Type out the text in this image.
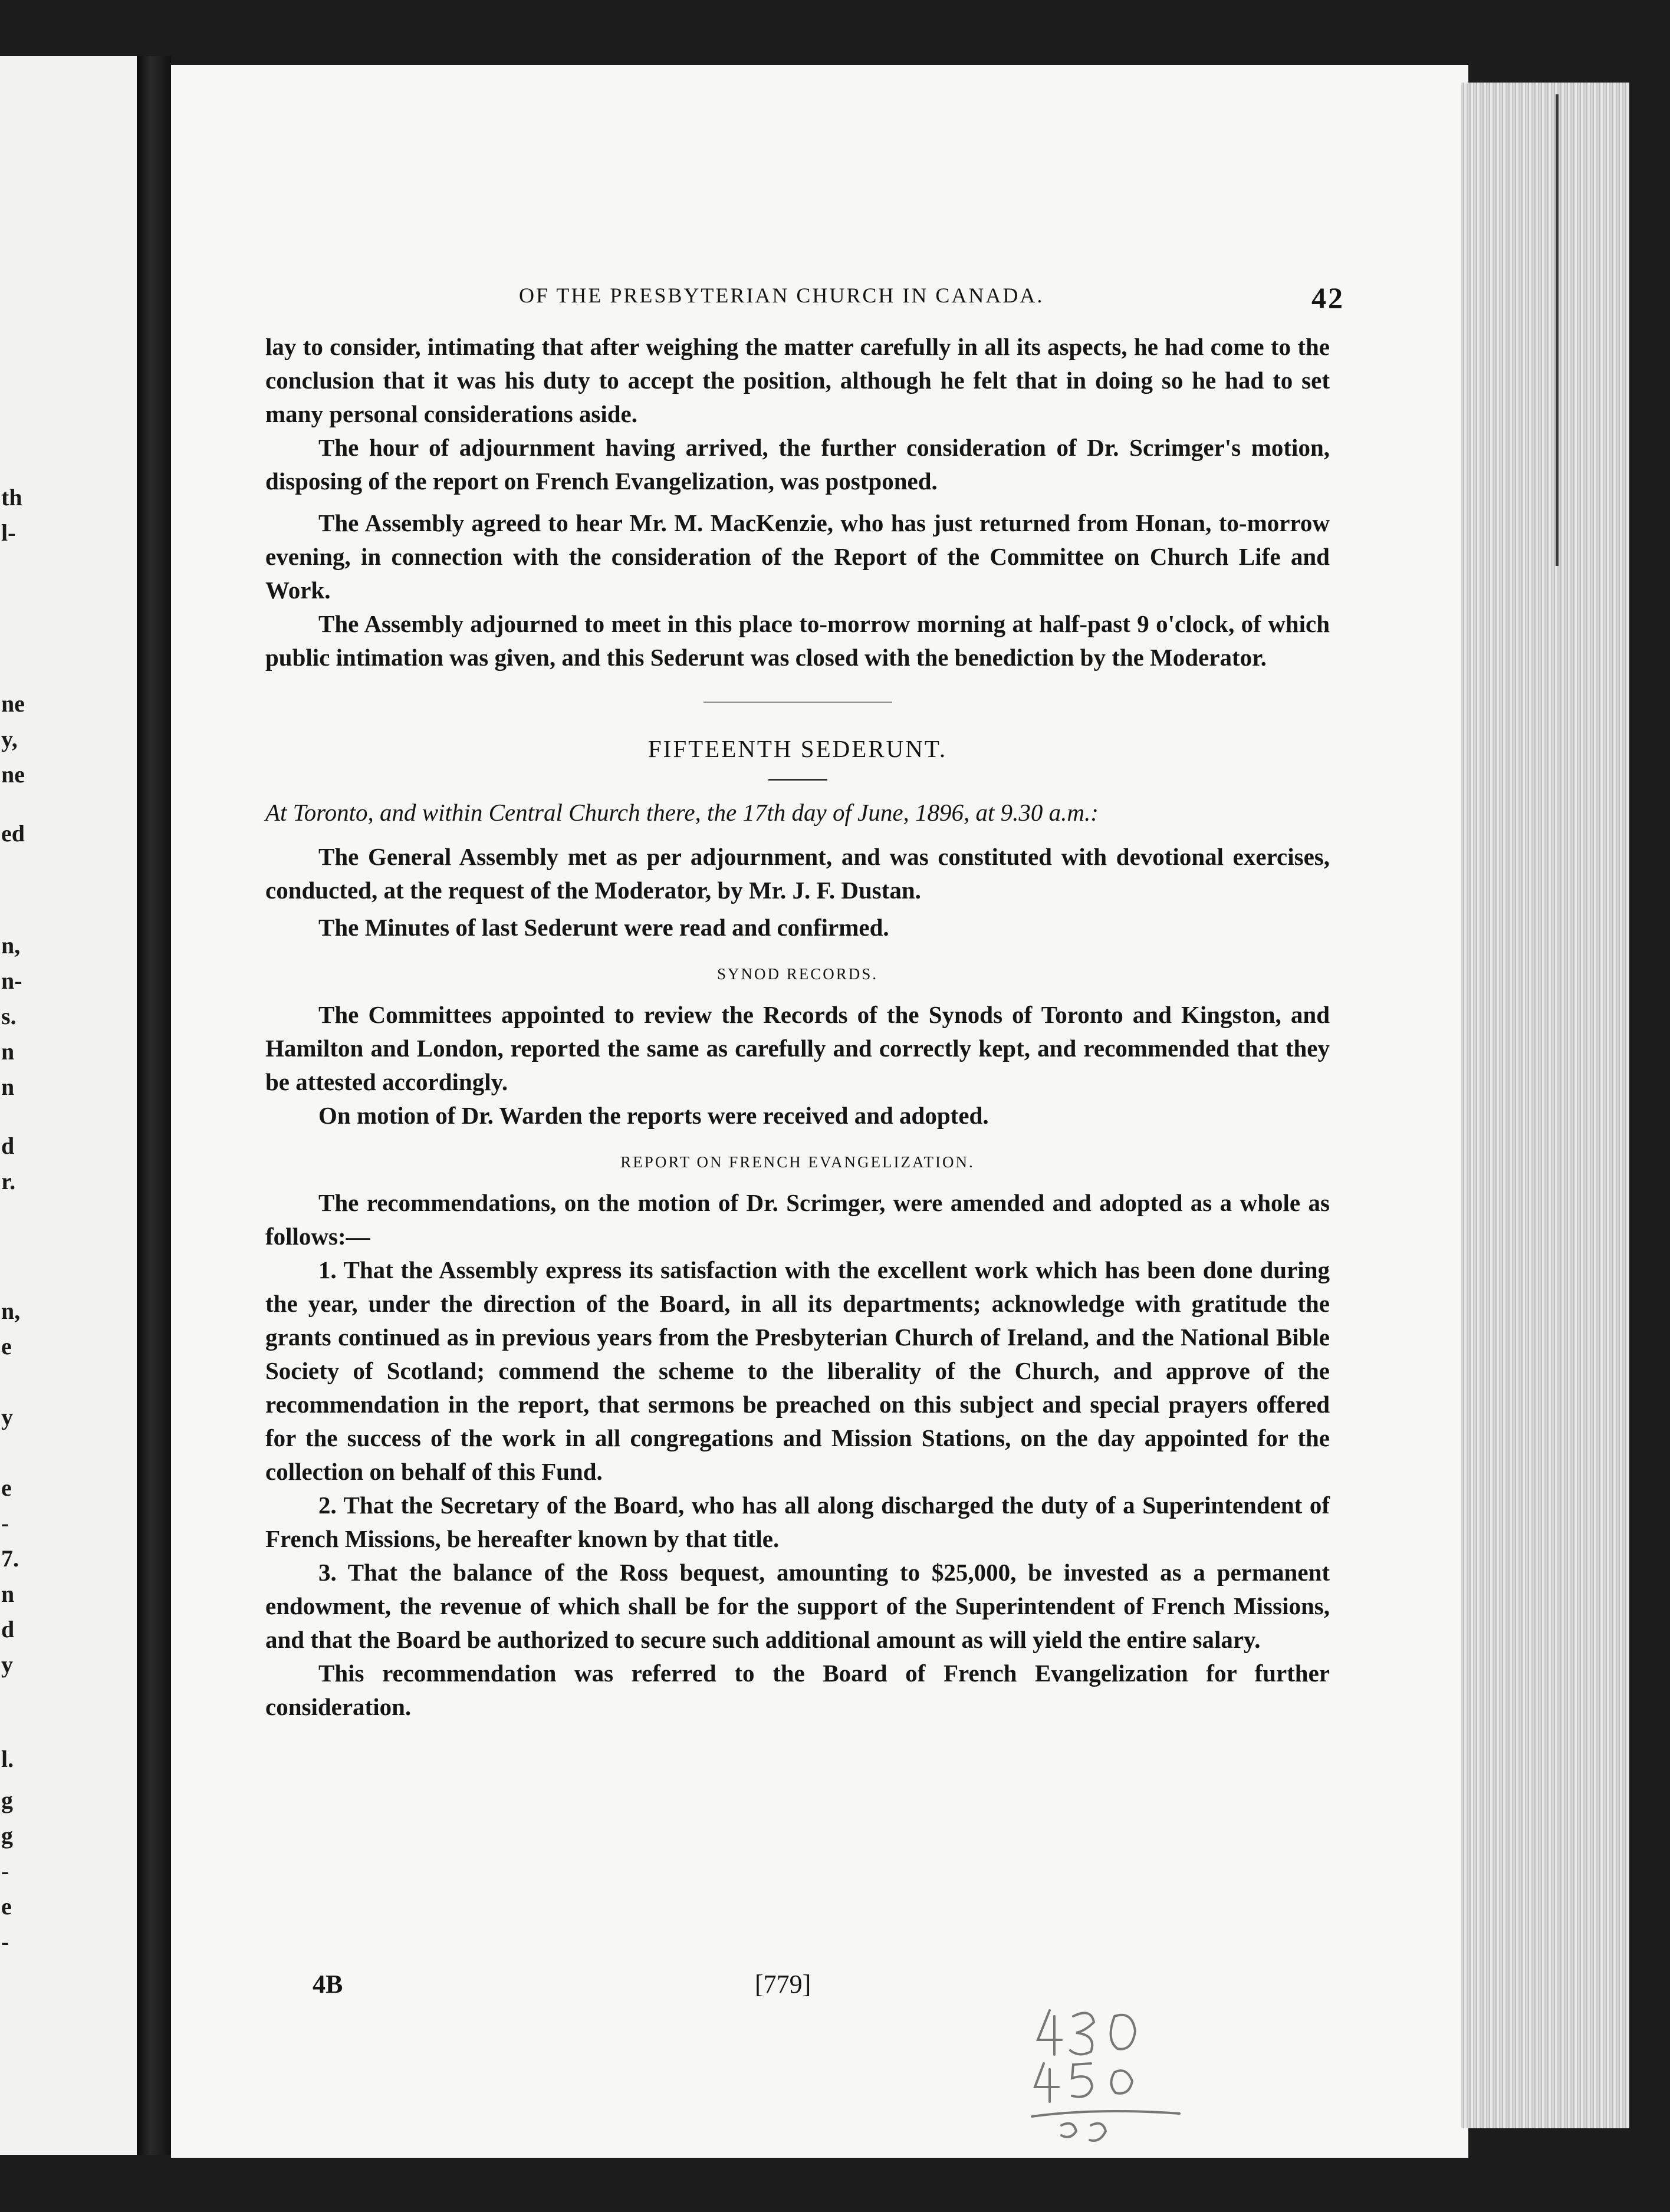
th
l-
ne
y,
ne
ed
n,
n-
s.
n
n
d
r.
n,
e
y
e
-
7.
n
d
y
l.
g
g
-
e
-
OF THE PRESBYTERIAN CHURCH IN CANADA.	42

lay to consider, intimating that after weighing the matter carefully in all its aspects, he had come to the conclusion that it was his duty to accept the position, although he felt that in doing so he had to set many personal considerations aside.

The hour of adjournment having arrived, the further consideration of Dr. Scrimger's motion, disposing of the report on French Evangelization, was postponed.

The Assembly agreed to hear Mr. M. MacKenzie, who has just returned from Honan, to-morrow evening, in connection with the consideration of the Report of the Committee on Church Life and Work.

The Assembly adjourned to meet in this place to-morrow morning at half-past 9 o'clock, of which public intimation was given, and this Sederunt was closed with the benediction by the Moderator.

FIFTEENTH SEDERUNT.

At Toronto, and within Central Church there, the 17th day of June, 1896, at 9.30 a.m.:

The General Assembly met as per adjournment, and was constituted with devotional exercises, conducted, at the request of the Moderator, by Mr. J. F. Dustan.

The Minutes of last Sederunt were read and confirmed.

SYNOD RECORDS.

The Committees appointed to review the Records of the Synods of Toronto and Kingston, and Hamilton and London, reported the same as carefully and correctly kept, and recommended that they be attested accordingly.

On motion of Dr. Warden the reports were received and adopted.

REPORT ON FRENCH EVANGELIZATION.

The recommendations, on the motion of Dr. Scrimger, were amended and adopted as a whole as follows:—

1. That the Assembly express its satisfaction with the excellent work which has been done during the year, under the direction of the Board, in all its departments; acknowledge with gratitude the grants continued as in previous years from the Presbyterian Church of Ireland, and the National Bible Society of Scotland; commend the scheme to the liberality of the Church, and approve of the recommendation in the report, that sermons be preached on this subject and special prayers offered for the success of the work in all congregations and Mission Stations, on the day appointed for the collection on behalf of this Fund.

2. That the Secretary of the Board, who has all along discharged the duty of a Superintendent of French Missions, be hereafter known by that title.

3. That the balance of the Ross bequest, amounting to $25,000, be invested as a permanent endowment, the revenue of which shall be for the support of the Superintendent of French Missions, and that the Board be authorized to secure such additional amount as will yield the entire salary.

This recommendation was referred to the Board of French Evangelization for further consideration.

4B	[779]
